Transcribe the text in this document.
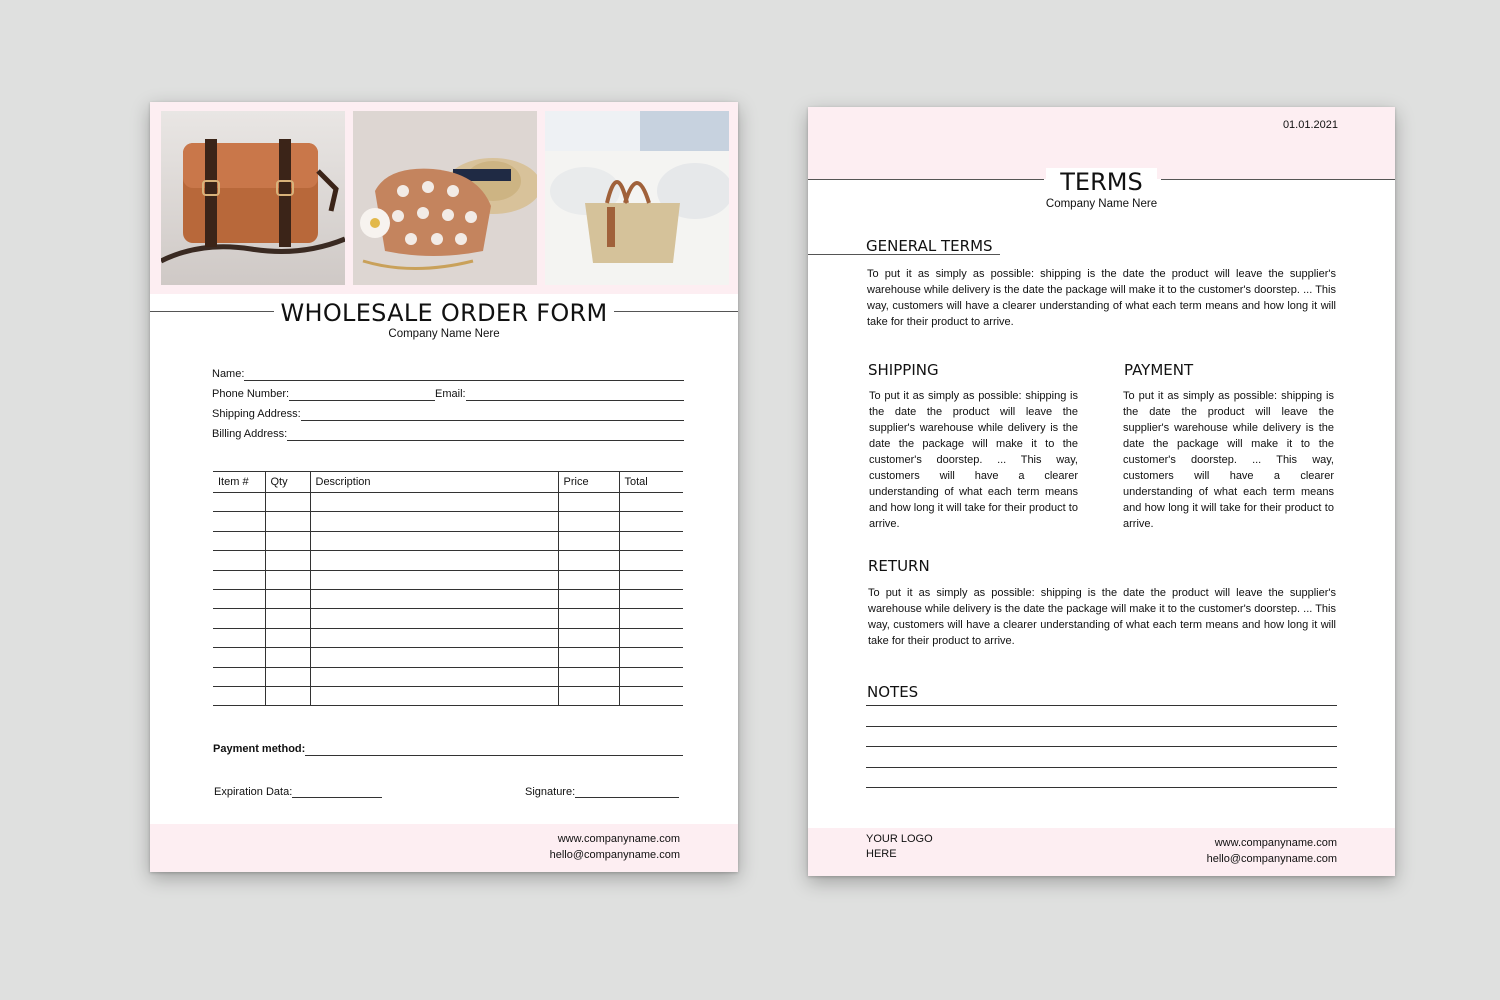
WHOLESALE ORDER FORM
Company Name Nere
Name:
Phone Number:	Email:
Shipping Address:
Billing Address:
Item #	Qty	Description	Price	Total

Payment method:
Expiration Data:	Signature:
www.companyname.com
hello@companyname.com
01.01.2021
TERMS
Company Name Nere
GENERAL TERMS
To put it as simply as possible: shipping is the date the product will leave the supplier's warehouse while delivery is the date the package will make it to the customer's doorstep. ... This way, customers will have a clearer understanding of what each term means and how long it will take for their product to arrive.
SHIPPING
To put it as simply as possible: shipping is the date the product will leave the supplier's warehouse while delivery is the date the package will make it to the customer's doorstep. ... This way, customers will have a clearer understanding of what each term means and how long it will take for their product to arrive.
PAYMENT
To put it as simply as possible: shipping is the date the product will leave the supplier's warehouse while delivery is the date the package will make it to the customer's doorstep. ... This way, customers will have a clearer understanding of what each term means and how long it will take for their product to arrive.
RETURN
To put it as simply as possible: shipping is the date the product will leave the supplier's warehouse while delivery is the date the package will make it to the customer's doorstep. ... This way, customers will have a clearer understanding of what each term means and how long it will take for their product to arrive.
NOTES
YOUR LOGO
HERE
www.companyname.com
hello@companyname.com
